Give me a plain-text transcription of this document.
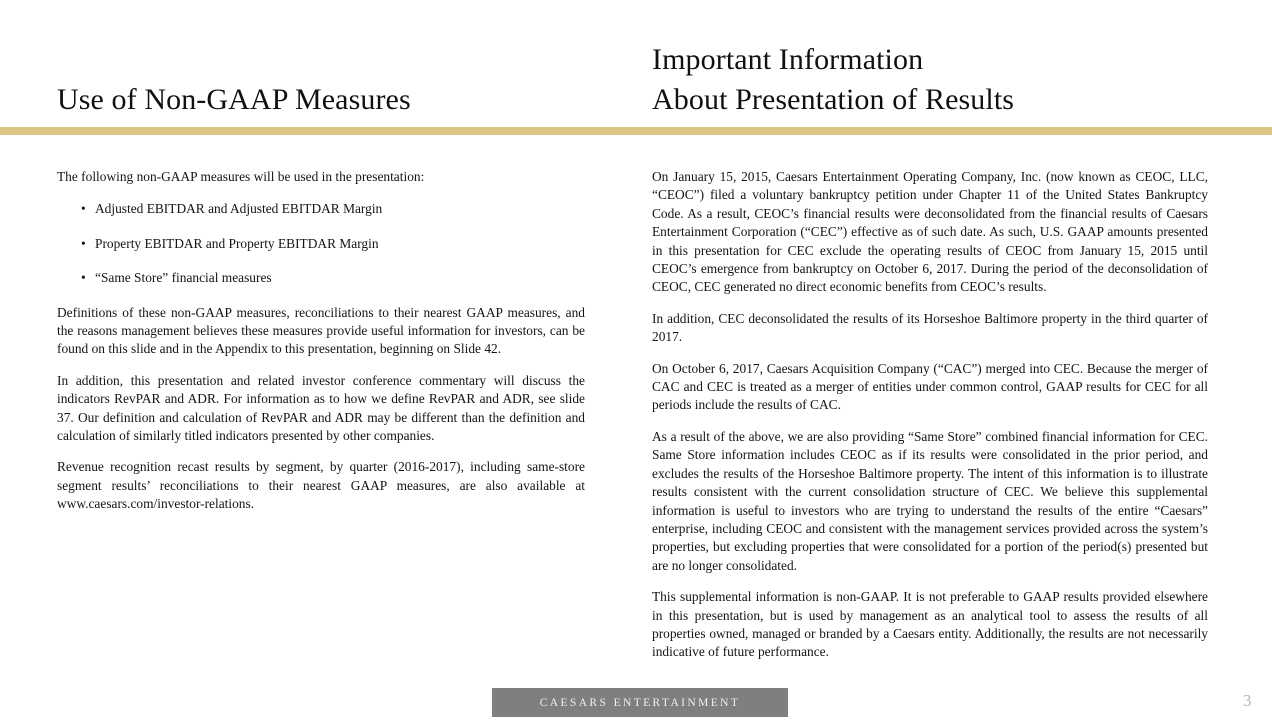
Use of Non-GAAP Measures
Important Information
About Presentation of Results

The following non-GAAP measures will be used in the presentation:

• Adjusted EBITDAR and Adjusted EBITDAR Margin
• Property EBITDAR and Property EBITDAR Margin
• “Same Store” financial measures

Definitions of these non-GAAP measures, reconciliations to their nearest GAAP measures, and the reasons management believes these measures provide useful information for investors, can be found on this slide and in the Appendix to this presentation, beginning on Slide 42.

In addition, this presentation and related investor conference commentary will discuss the indicators RevPAR and ADR. For information as to how we define RevPAR and ADR, see slide 37. Our definition and calculation of RevPAR and ADR may be different than the definition and calculation of similarly titled indicators presented by other companies.

Revenue recognition recast results by segment, by quarter (2016-2017), including same-store segment results’ reconciliations to their nearest GAAP measures, are also available at www.caesars.com/investor-relations.

On January 15, 2015, Caesars Entertainment Operating Company, Inc. (now known as CEOC, LLC, “CEOC”) filed a voluntary bankruptcy petition under Chapter 11 of the United States Bankruptcy Code. As a result, CEOC’s financial results were deconsolidated from the financial results of Caesars Entertainment Corporation (“CEC”) effective as of such date. As such, U.S. GAAP amounts presented in this presentation for CEC exclude the operating results of CEOC from January 15, 2015 until CEOC’s emergence from bankruptcy on October 6, 2017. During the period of the deconsolidation of CEOC, CEC generated no direct economic benefits from CEOC’s results.

In addition, CEC deconsolidated the results of its Horseshoe Baltimore property in the third quarter of 2017.

On October 6, 2017, Caesars Acquisition Company (“CAC”) merged into CEC. Because the merger of CAC and CEC is treated as a merger of entities under common control, GAAP results for CEC for all periods include the results of CAC.

As a result of the above, we are also providing “Same Store” combined financial information for CEC. Same Store information includes CEOC as if its results were consolidated in the prior period, and excludes the results of the Horseshoe Baltimore property. The intent of this information is to illustrate results consistent with the current consolidation structure of CEC. We believe this supplemental information is useful to investors who are trying to understand the results of the entire “Caesars” enterprise, including CEOC and consistent with the management services provided across the system’s properties, but excluding properties that were consolidated for a portion of the period(s) presented but are no longer consolidated.

This supplemental information is non-GAAP. It is not preferable to GAAP results provided elsewhere in this presentation, but is used by management as an analytical tool to assess the results of all properties owned, managed or branded by a Caesars entity. Additionally, the results are not necessarily indicative of future performance.

CAESARS ENTERTAINMENT	3
